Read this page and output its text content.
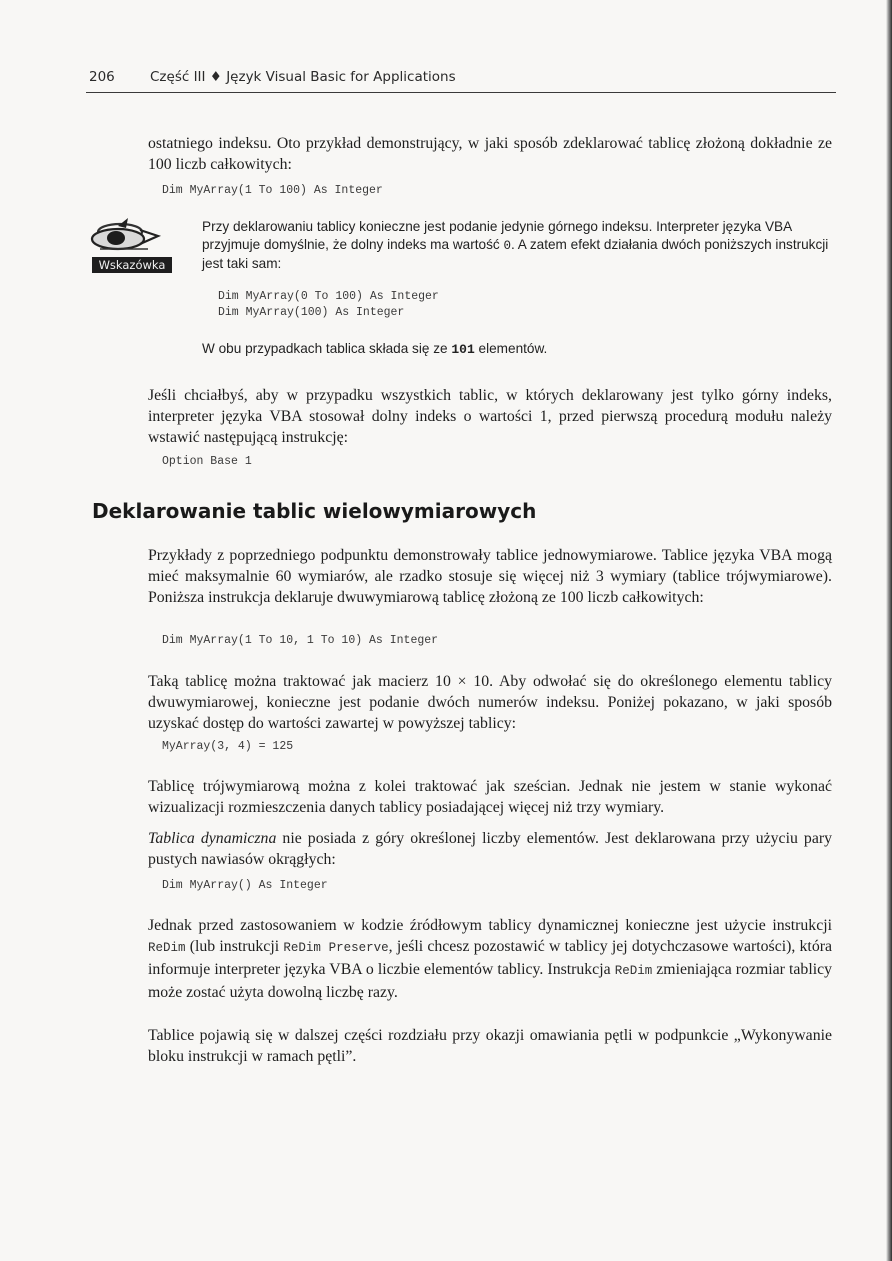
206	Część III ♦ Język Visual Basic for Applications

ostatniego indeksu. Oto przykład demonstrujący, w jaki sposób zdeklarować tablicę złożoną dokładnie ze 100 liczb całkowitych:

Dim MyArray(1 To 100) As Integer
Wskazówka

Przy deklarowaniu tablicy konieczne jest podanie jedynie górnego indeksu. Interpreter języka VBA przyjmuje domyślnie, że dolny indeks ma wartość 0. A zatem efekt działania dwóch poniższych instrukcji jest taki sam:

Dim MyArray(0 To 100) As Integer
Dim MyArray(100) As Integer

W obu przypadkach tablica składa się ze 101 elementów.

Jeśli chciałbyś, aby w przypadku wszystkich tablic, w których deklarowany jest tylko górny indeks, interpreter języka VBA stosował dolny indeks o wartości 1, przed pierwszą procedurą modułu należy wstawić następującą instrukcję:

Option Base 1
Deklarowanie tablic wielowymiarowych

Przykłady z poprzedniego podpunktu demonstrowały tablice jednowymiarowe. Tablice języka VBA mogą mieć maksymalnie 60 wymiarów, ale rzadko stosuje się więcej niż 3 wymiary (tablice trójwymiarowe). Poniższa instrukcja deklaruje dwuwymiarową tablicę złożoną ze 100 liczb całkowitych:

Dim MyArray(1 To 10, 1 To 10) As Integer

Taką tablicę można traktować jak macierz 10 × 10. Aby odwołać się do określonego elementu tablicy dwuwymiarowej, konieczne jest podanie dwóch numerów indeksu. Poniżej pokazano, w jaki sposób uzyskać dostęp do wartości zawartej w powyższej tablicy:

MyArray(3, 4) = 125

Tablicę trójwymiarową można z kolei traktować jak sześcian. Jednak nie jestem w stanie wykonać wizualizacji rozmieszczenia danych tablicy posiadającej więcej niż trzy wymiary.

Tablica dynamiczna nie posiada z góry określonej liczby elementów. Jest deklarowana przy użyciu pary pustych nawiasów okrągłych:

Dim MyArray() As Integer

Jednak przed zastosowaniem w kodzie źródłowym tablicy dynamicznej konieczne jest użycie instrukcji ReDim (lub instrukcji ReDim Preserve, jeśli chcesz pozostawić w tablicy jej dotychczasowe wartości), która informuje interpreter języka VBA o liczbie elementów tablicy. Instrukcja ReDim zmieniająca rozmiar tablicy może zostać użyta dowolną liczbę razy.

Tablice pojawią się w dalszej części rozdziału przy okazji omawiania pętli w podpunkcie „Wykonywanie bloku instrukcji w ramach pętli”.
